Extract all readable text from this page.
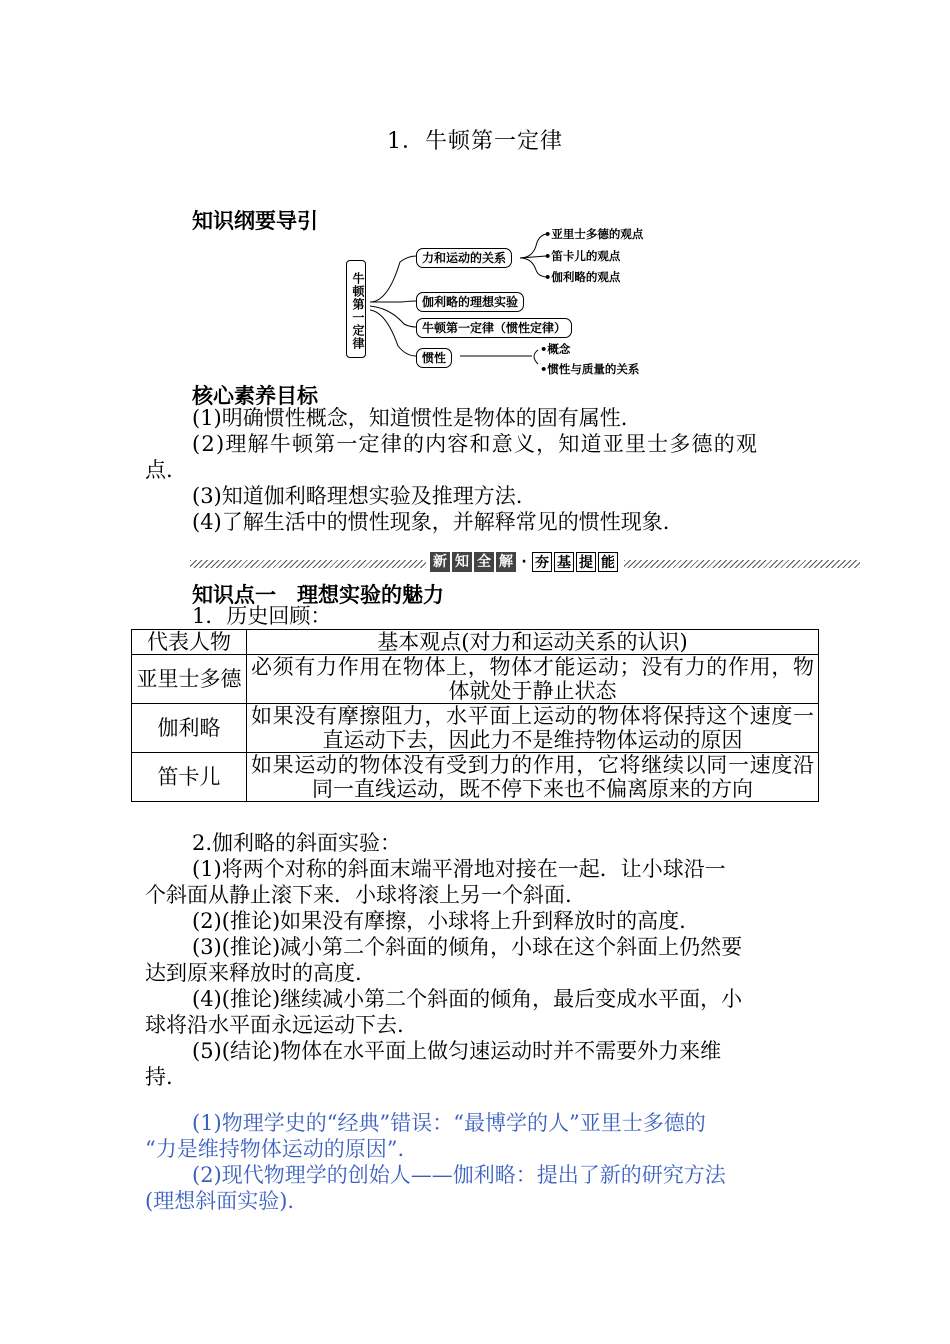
1．牛顿第一定律
知识纲要导引
牛顿第一定律
力和运动的关系
伽利略的理想实验
牛顿第一定律（惯性定律）
惯性
•亚里士多德的观点
•笛卡儿的观点
•伽利略的观点
•概念
•惯性与质量的关系
核心素养目标
(1)明确惯性概念，知道惯性是物体的固有属性.
(2)理解牛顿第一定律的内容和意义，知道亚里士多德的观
点.
(3)知道伽利略理想实验及推理方法.
(4)了解生活中的惯性现象，并解释常见的惯性现象.
新 知 全 解 · 夯 基 提 能
知识点一　理想实验的魅力
1．历史回顾：
代表人物	基本观点(对力和运动关系的认识)
亚里士多德	必须有力作用在物体上，物体才能运动；没有力的作用，物体就处于静止状态
伽利略	如果没有摩擦阻力，水平面上运动的物体将保持这个速度一直运动下去，因此力不是维持物体运动的原因
笛卡儿	如果运动的物体没有受到力的作用，它将继续以同一速度沿同一直线运动，既不停下来也不偏离原来的方向
2.伽利略的斜面实验：
(1)将两个对称的斜面末端平滑地对接在一起．让小球沿一
个斜面从静止滚下来．小球将滚上另一个斜面.
(2)(推论)如果没有摩擦，小球将上升到释放时的高度.
(3)(推论)减小第二个斜面的倾角，小球在这个斜面上仍然要
达到原来释放时的高度.
(4)(推论)继续减小第二个斜面的倾角，最后变成水平面，小
球将沿水平面永远运动下去.
(5)(结论)物体在水平面上做匀速运动时并不需要外力来维
持.
(1)物理学史的“经典”错误：“最博学的人”亚里士多德的
“力是维持物体运动的原因”.
(2)现代物理学的创始人——伽利略：提出了新的研究方法
(理想斜面实验).
